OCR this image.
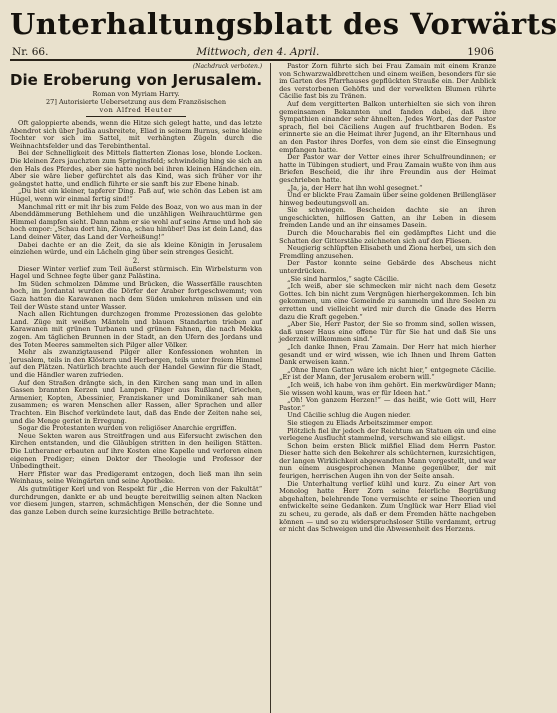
Unterhaltungsblatt des Vorwärts
Nr. 66.	Mittwoch, den 4. April.	1906
(Nachdruck verboten.)
Die Eroberung von Jerusalem.
Roman von Myriam Harry.
27] Autorisierte Uebersetzung aus dem Französischen
von Alfred Heuter

Oft galoppierte abends, wenn die Hitze sich gelegt hatte, und das letzte Abendrot sich über Judäa ausbreitete, Eliad in seinem Burnus, seine kleine Tochter vor sich im Sattel, mit verhängten Zügeln durch die Weihnachtsfelder und das Terebinthental.

Bei der Schnelligkeit des Mittels flatterten Zionas lose, blonde Locken. Die kleinen Zers jauchzten zum Springinsfeld; schwindelig hing sie sich an den Hals des Pferdes, aber sie hatte noch bei ihren kleinen Händchen ein. Aber sie wäre lieber gefürchtet als das Kind, was sich früher vor ihr geängstet hatte, und endlich führte er sie sanft bis zur Ebene hinab.

„Du bist ein kleiner, tapferer Ding. Paß auf, wie schön das Leben ist am Hügel, wenn wir einmal fertig sind!“

Manchmal ritt er mit ihr bis zum Felde des Boaz, von wo aus man in der Abenddämmerung Bethlehem und die unzähligen Weihrauchtürme gen Himmel dampfen sieht. Dann nahm er sie wohl auf seine Arme und hob sie hoch empor: „Schau dort hin, Ziona, schau hinüber! Das ist dein Land, das Land deiner Väter, das Land der Verheißung!“

Dabei dachte er an die Zeit, da sie als kleine Königin in Jerusalem einziehen würde, und ein Lächeln ging über sein strenges Gesicht.

2.

Dieser Winter verlief zum Teil äußerst stürmisch. Ein Wirbelsturm von Hagel und Schnee fegte über ganz Palästina.

Im Süden schmolzen Dämme und Brücken, die Wasserfälle rauschten hoch, im Jordantal wurden die Dörfer der Araber fortgeschwemmt; von Gaza hatten die Karawanen nach dem Süden umkehren müssen und ein Teil der Wüste stand unter Wasser.

Nach allen Richtungen durchzogen fromme Prozessionen das gelobte Land. Züge mit weißen Mänteln und blauen Standarten trieben auf Karawanen mit grünen Turbanen und grünen Fahnen, die nach Mekka zogen. Am täglichen Brunnen in der Stadt, an den Ufern des Jordans und des Toten Meeres sammelten sich Pilger aller Völker.

Mehr als zwanzigtausend Pilger aller Konfessionen wohnten in Jerusalem, teils in den Klöstern und Herbergen, teils unter freiem Himmel auf den Plätzen. Natürlich brachte auch der Handel Gewinn für die Stadt, und die Händler waren zufrieden.

Auf den Straßen drängte sich, in den Kirchen sang man und in allen Gassen brannten Kerzen und Lampen. Pilger aus Rußland, Griechen, Armenier, Kopten, Abessinier, Franziskaner und Dominikaner sah man zusammen; es waren Menschen aller Rassen, aller Sprachen und aller Trachten. Ein Bischof verkündete laut, daß das Ende der Zeiten nahe sei, und die Menge geriet in Erregung.

Sogar die Protestanten wurden von religiöser Anarchie ergriffen.

Neue Sekten waren aus Streitfragen und aus Eifersucht zwischen den Kirchen entstanden, und die Gläubigen stritten in den heiligen Stätten. Die Lutheraner erbauten auf ihre Kosten eine Kapelle und verloren einen eigenen Prediger; einen Doktor der Theologie und Professor der Unbedingtheit.

Herr Pfister war das Predigeramt entzogen, doch ließ man ihn sein Weinhaus, seine Weingärten und seine Apotheke.

Als gutmütiger Kerl und von Respekt für „die Herren von der Fakultät“ durchdrungen, dankte er ab und beugte bereitwillig seinen alten Nacken vor diesem jungen, starren, schmächtigen Menschen, der die Sonne und das ganze Leben durch seine kurzsichtige Brille betrachtete.

Pastor Zorn führte sich bei Frau Zamain mit einem Kranze von Schwarzwaldbrettchen und einem weißen, besonders für sie im Garten des Pfarrhauses gepflückten Strauße ein. Der Anblick des verstorbenen Gehöfts und der verwelkten Blumen rührte Cäcilie fast bis zu Tränen.

Auf dem vergitterten Balkon unterhielten sie sich von ihren gemeinsamen Bekannten und fanden dabei, daß ihre Sympathien einander sehr ähnelten. Jedes Wort, das der Pastor sprach, fiel bei Cäciliens Augen auf fruchtbaren Boden. Es erinnerte sie an die Heimat ihrer Jugend, an ihr Elternhaus und an den Pastor ihres Dorfes, von dem sie einst die Einsegnung empfangen hatte.

Der Pastor war der Vetter eines ihrer Schulfreundinnen; er hatte in Tübingen studiert, und Frau Zamain wußte von ihm aus Briefen Bescheid, die ihr ihre Freundin aus der Heimat geschrieben hatte.

„Ja, ja, der Herr hat ihn wohl gesegnet.“

Und er blickte Frau Zamain über seine goldenen Brillengläser hinweg bedeutungsvoll an.

Sie schwiegen. Bescheiden dachte sie an ihren ungeschickten, hilflosen Gatten, an ihr Leben in diesem fremden Lande und an ihr einsames Dasein.

Durch die Moucharabis fiel ein gedämpftes Licht und die Schatten der Gitterstäbe zeichneten sich auf den Fliesen.

Neugierig schlüpften Elisabeth und Ziona herbei, um sich den Fremdling anzusehen.

Der Pastor konnte seine Gebärde des Abscheus nicht unterdrücken.

„Sie sind harmlos,“ sagte Cäcilie.

„Ich weiß, aber sie schmecken mir nicht nach dem Gesetz Gottes. Ich bin nicht zum Vergnügen hierhergekommen. Ich bin gekommen, um eine Gemeinde zu sammeln und ihre Seelen zu erretten und vielleicht wird mir durch die Gnade des Herrn dazu die Kraft gegeben.“

„Aber Sie, Herr Pastor, der Sie so fromm sind, sollen wissen, daß unser Haus eine offene Tür für Sie hat und daß Sie uns jederzeit willkommen sind.“

„Ich danke Ihnen, Frau Zamain. Der Herr hat mich hierher gesandt und er wird wissen, wie ich Ihnen und Ihrem Gatten Dank erweisen kann.“

„Ohne Ihren Gatten wäre ich nicht hier,“ entgegnete Cäcilie. „Er ist der Mann, der Jerusalem erobern will.“

„Ich weiß, ich habe von ihm gehört. Ein merkwürdiger Mann; Sie wissen wohl kaum, was er für Ideen hat.“

„Oh! Von ganzem Herzen!“ — das heißt, wie Gott will, Herr Pastor.“

Und Cäcilie schlug die Augen nieder.

Sie stiegen zu Eliads Arbeitszimmer empor.

Plötzlich fiel ihr jedoch der Reichtum an Statuen ein und eine verlegene Ausflucht stammelnd, verschwand sie eiligst.

Schon beim ersten Blick mißfiel Eliad dem Herrn Pastor. Dieser hatte sich den Bekehrer als schüchternen, kurzsichtigen, der langen Wirklichkeit abgewandten Mann vorgestellt, und war nun einem ausgesprochenen Manne gegenüber, der mit feurigen, herrischen Augen ihn von der Seite ansah.

Die Unterhaltung verlief kühl und kurz. Zu einer Art von Monolog hatte Herr Zorn seine feierliche Begrüßung abgehalten, belehrende Tone vermischte er seine Theorien und entwickelte seine Gedanken. Zum Unglück war Herr Eliad viel zu scheu, zu gerade, als daß er dem Fremden hätte nachgeben können — und so zu widerspruchsloser Stille verdammt, ertrug er nicht das Schweigen und die Abwesenheit des Herzens.
